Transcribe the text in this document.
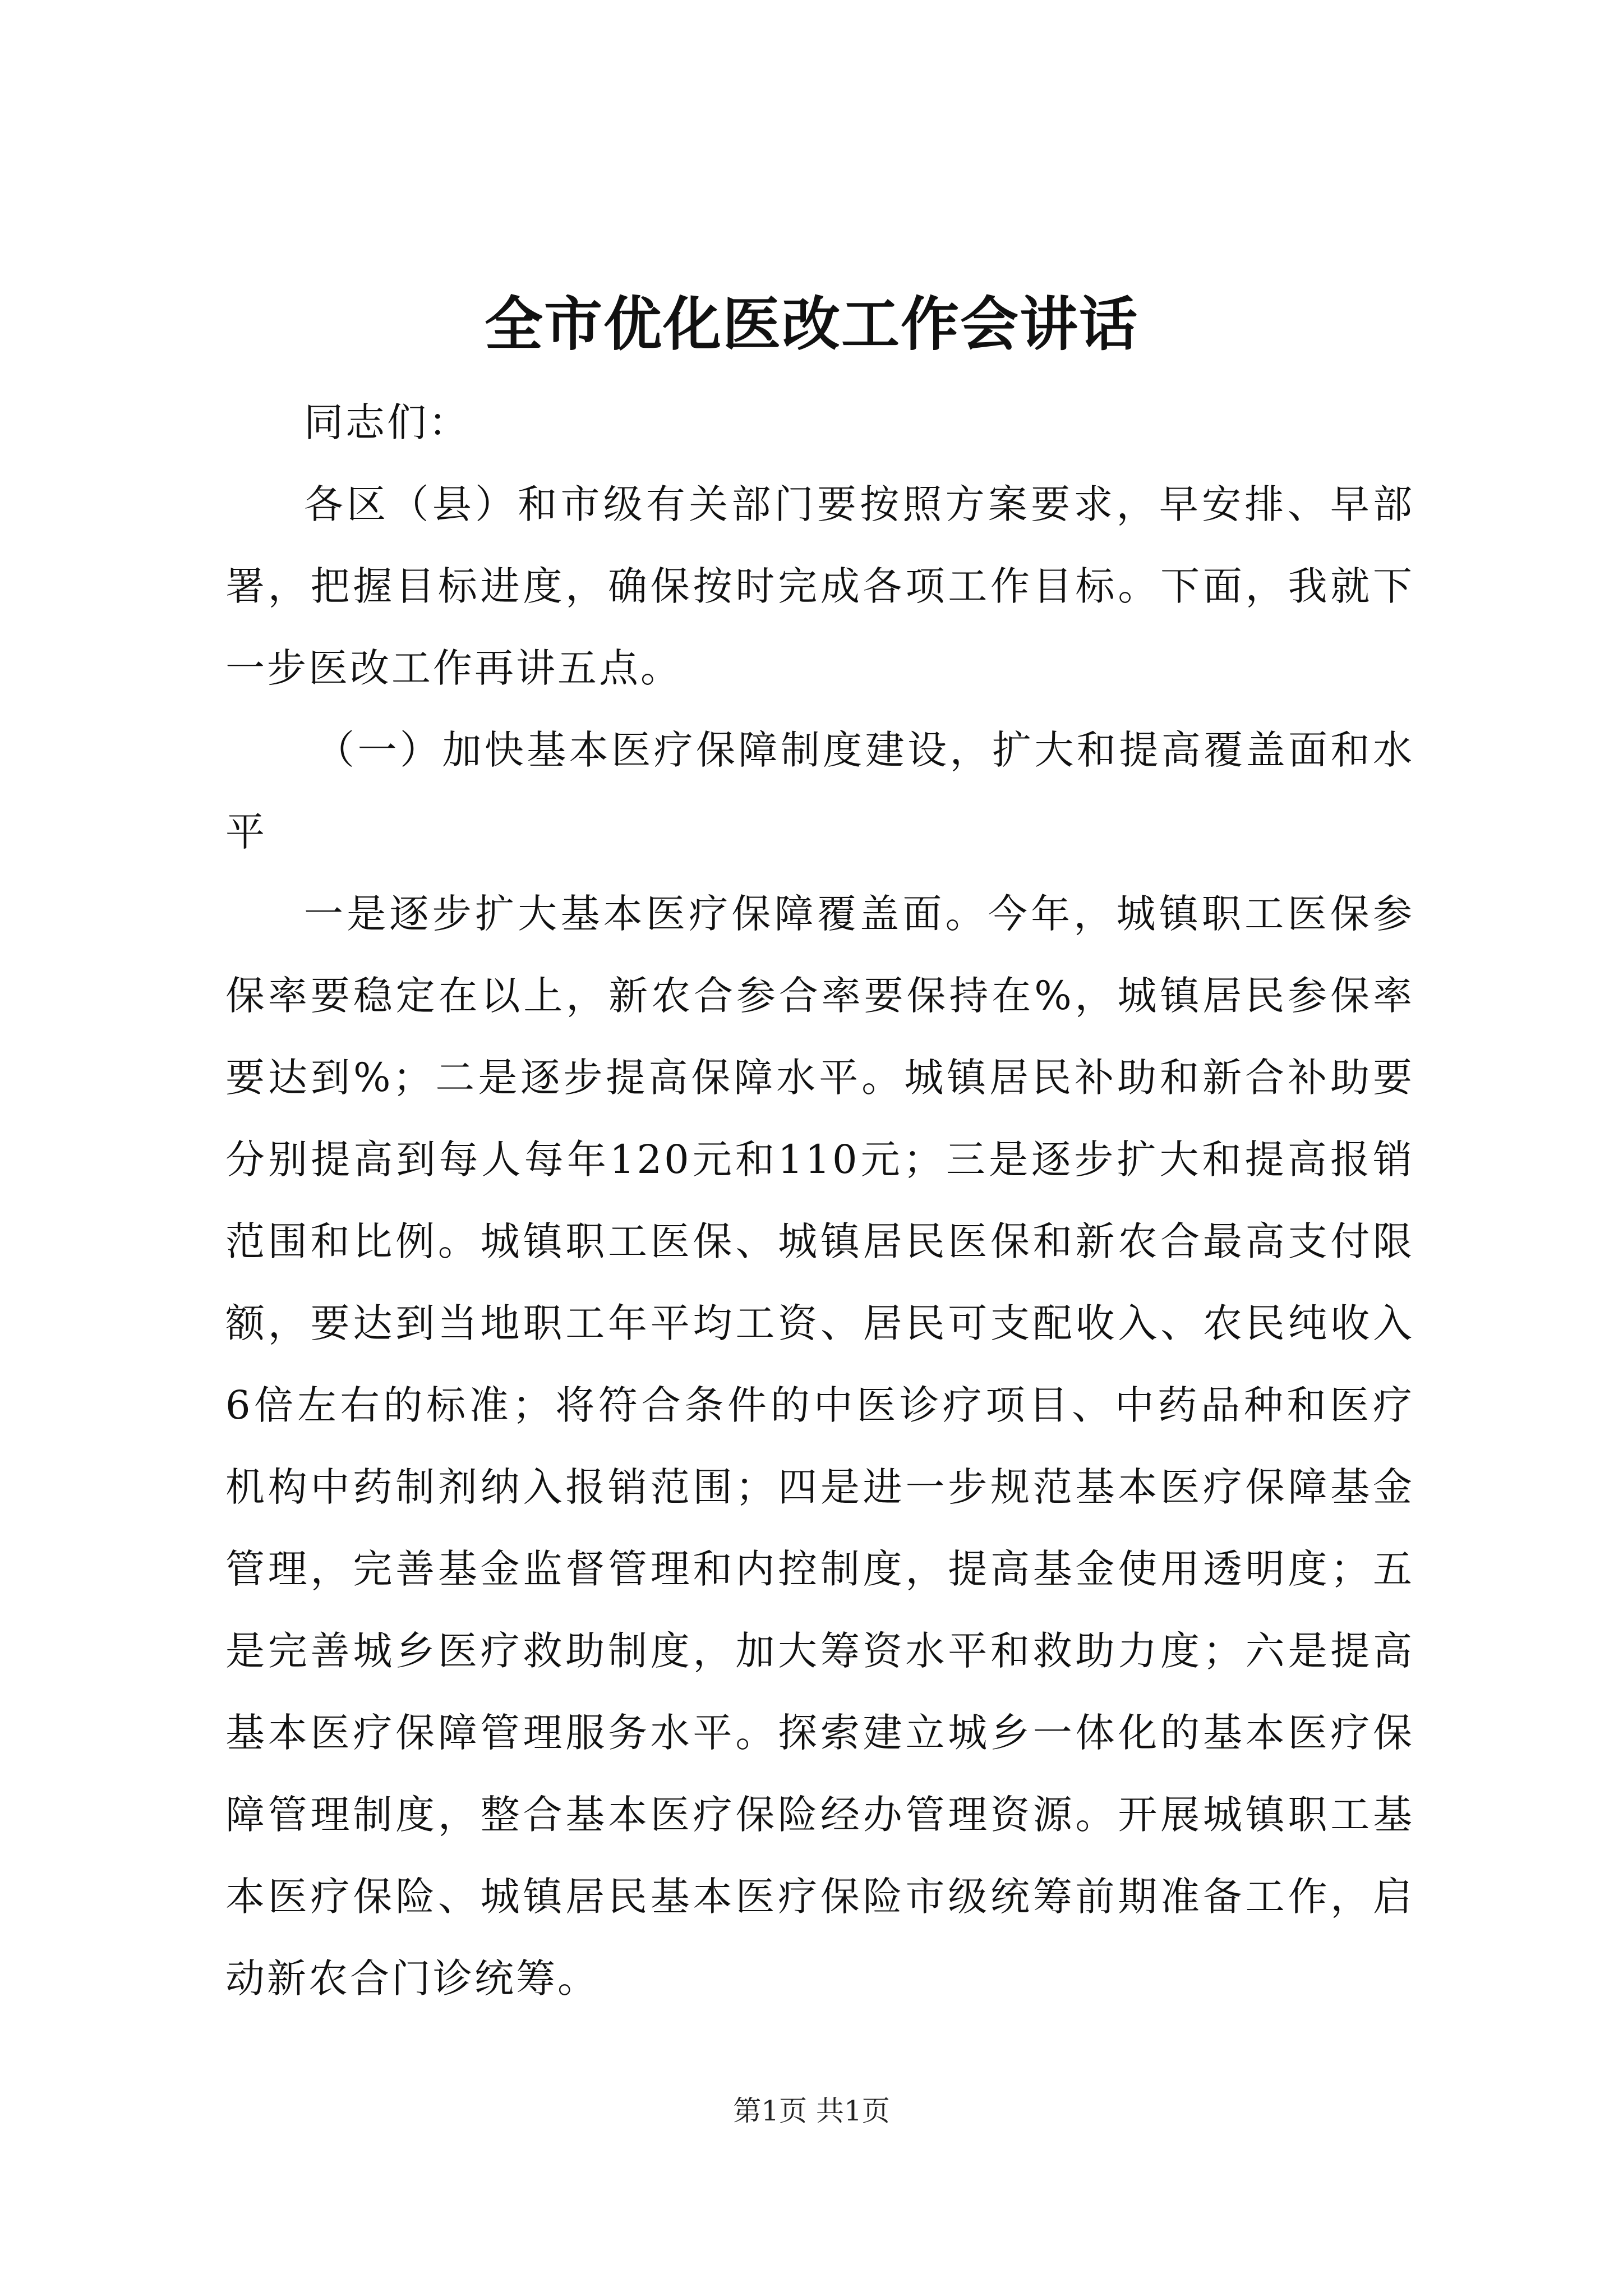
全市优化医改工作会讲话

同志们：

各区（县）和市级有关部门要按照方案要求，早安排、早部署，把握目标进度，确保按时完成各项工作目标。下面，我就下一步医改工作再讲五点。

（一）加快基本医疗保障制度建设，扩大和提高覆盖面和水平

一是逐步扩大基本医疗保障覆盖面。今年，城镇职工医保参保率要稳定在以上，新农合参合率要保持在%，城镇居民参保率要达到%；二是逐步提高保障水平。城镇居民补助和新合补助要分别提高到每人每年120元和110元；三是逐步扩大和提高报销范围和比例。城镇职工医保、城镇居民医保和新农合最高支付限额，要达到当地职工年平均工资、居民可支配收入、农民纯收入6倍左右的标准；将符合条件的中医诊疗项目、中药品种和医疗机构中药制剂纳入报销范围；四是进一步规范基本医疗保障基金管理，完善基金监督管理和内控制度，提高基金使用透明度；五是完善城乡医疗救助制度，加大筹资水平和救助力度；六是提高基本医疗保障管理服务水平。探索建立城乡一体化的基本医疗保障管理制度，整合基本医疗保险经办管理资源。开展城镇职工基本医疗保险、城镇居民基本医疗保险市级统筹前期准备工作，启动新农合门诊统筹。

第1页 共1页
